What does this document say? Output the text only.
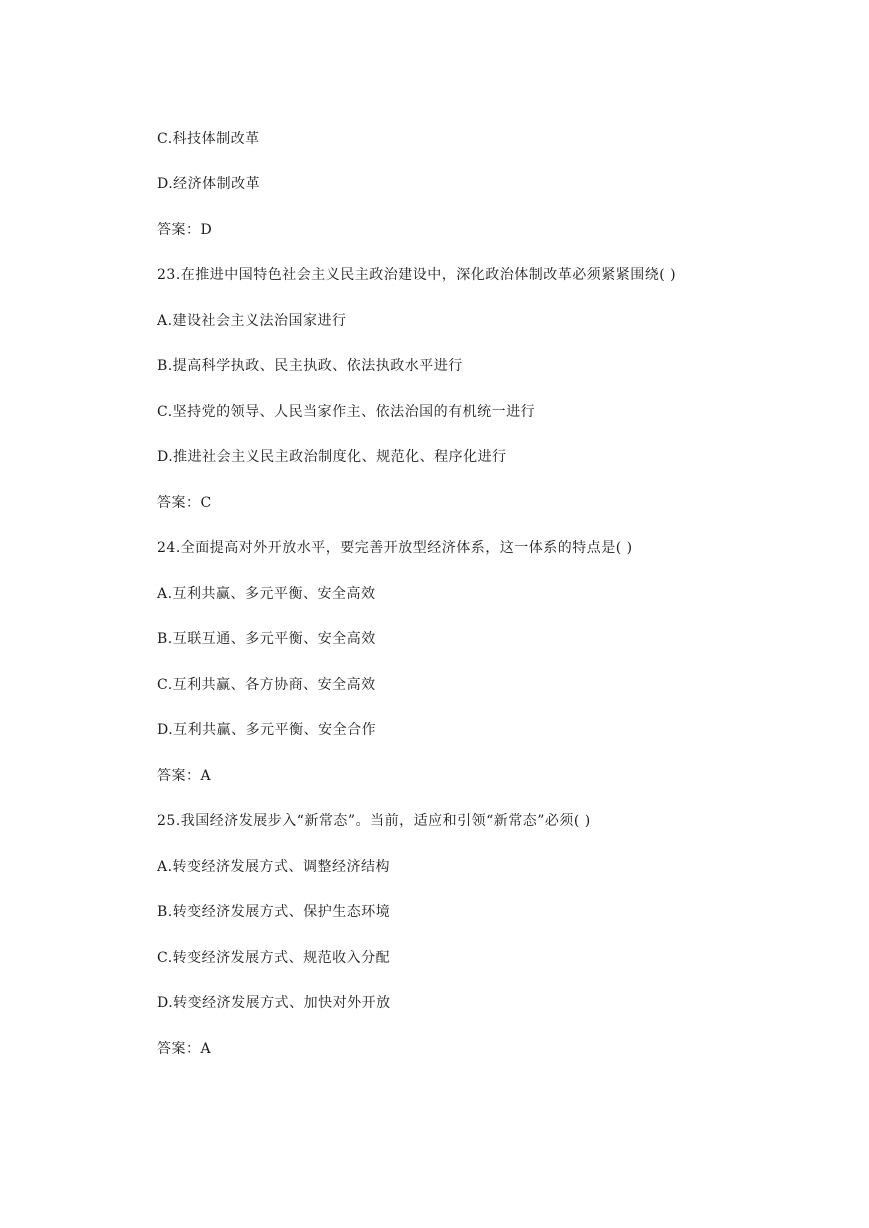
C.科技体制改革
D.经济体制改革
答案：D
23.在推进中国特色社会主义民主政治建设中，深化政治体制改革必须紧紧围绕( )
A.建设社会主义法治国家进行
B.提高科学执政、民主执政、依法执政水平进行
C.坚持党的领导、人民当家作主、依法治国的有机统一进行
D.推进社会主义民主政治制度化、规范化、程序化进行
答案：C
24.全面提高对外开放水平，要完善开放型经济体系，这一体系的特点是( )
A.互利共赢、多元平衡、安全高效
B.互联互通、多元平衡、安全高效
C.互利共赢、各方协商、安全高效
D.互利共赢、多元平衡、安全合作
答案：A
25.我国经济发展步入“新常态”。当前，适应和引领“新常态”必须( )
A.转变经济发展方式、调整经济结构
B.转变经济发展方式、保护生态环境
C.转变经济发展方式、规范收入分配
D.转变经济发展方式、加快对外开放
答案：A
